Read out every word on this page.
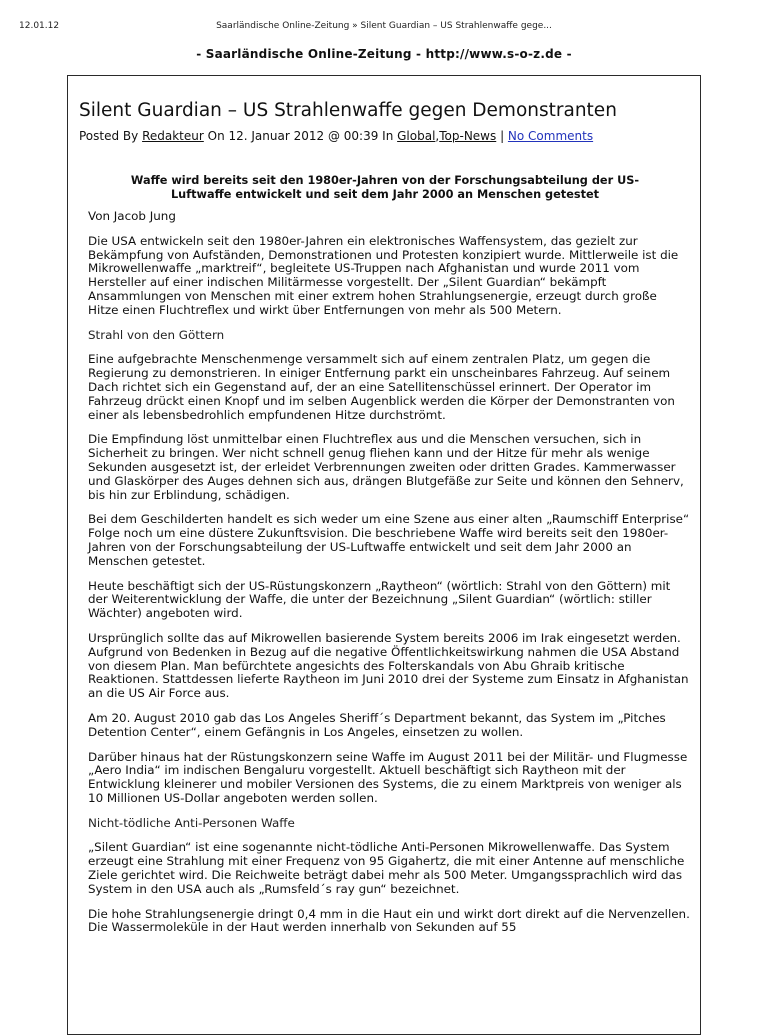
12.01.12	Saarländische Online-Zeitung » Silent Guardian – US Strahlenwaffe gege...
- Saarländische Online-Zeitung - http://www.s-o-z.de -
Silent Guardian – US Strahlenwaffe gegen Demonstranten
Posted By Redakteur On 12. Januar 2012 @ 00:39 In Global,Top-News | No Comments
Waffe wird bereits seit den 1980er-Jahren von der Forschungsabteilung der US-Luftwaffe entwickelt und seit dem Jahr 2000 an Menschen getestet

Von Jacob Jung

Die USA entwickeln seit den 1980er-Jahren ein elektronisches Waffensystem, das gezielt zur Bekämpfung von Aufständen, Demonstrationen und Protesten konzipiert wurde. Mittlerweile ist die Mikrowellenwaffe „marktreif“, begleitete US-Truppen nach Afghanistan und wurde 2011 vom Hersteller auf einer indischen Militärmesse vorgestellt. Der „Silent Guardian“ bekämpft Ansammlungen von Menschen mit einer extrem hohen Strahlungsenergie, erzeugt durch große Hitze einen Fluchtreflex und wirkt über Entfernungen von mehr als 500 Metern.

Strahl von den Göttern

Eine aufgebrachte Menschenmenge versammelt sich auf einem zentralen Platz, um gegen die Regierung zu demonstrieren. In einiger Entfernung parkt ein unscheinbares Fahrzeug. Auf seinem Dach richtet sich ein Gegenstand auf, der an eine Satellitenschüssel erinnert. Der Operator im Fahrzeug drückt einen Knopf und im selben Augenblick werden die Körper der Demonstranten von einer als lebensbedrohlich empfundenen Hitze durchströmt.

Die Empfindung löst unmittelbar einen Fluchtreflex aus und die Menschen versuchen, sich in Sicherheit zu bringen. Wer nicht schnell genug fliehen kann und der Hitze für mehr als wenige Sekunden ausgesetzt ist, der erleidet Verbrennungen zweiten oder dritten Grades. Kammerwasser und Glaskörper des Auges dehnen sich aus, drängen Blutgefäße zur Seite und können den Sehnerv, bis hin zur Erblindung, schädigen.

Bei dem Geschilderten handelt es sich weder um eine Szene aus einer alten „Raumschiff Enterprise“ Folge noch um eine düstere Zukunftsvision. Die beschriebene Waffe wird bereits seit den 1980er-Jahren von der Forschungsabteilung der US-Luftwaffe entwickelt und seit dem Jahr 2000 an Menschen getestet.

Heute beschäftigt sich der US-Rüstungskonzern „Raytheon“ (wörtlich: Strahl von den Göttern) mit der Weiterentwicklung der Waffe, die unter der Bezeichnung „Silent Guardian“ (wörtlich: stiller Wächter) angeboten wird.

Ursprünglich sollte das auf Mikrowellen basierende System bereits 2006 im Irak eingesetzt werden. Aufgrund von Bedenken in Bezug auf die negative Öffentlichkeitswirkung nahmen die USA Abstand von diesem Plan. Man befürchtete angesichts des Folterskandals von Abu Ghraib kritische Reaktionen. Stattdessen lieferte Raytheon im Juni 2010 drei der Systeme zum Einsatz in Afghanistan an die US Air Force aus.

Am 20. August 2010 gab das Los Angeles Sheriff´s Department bekannt, das System im „Pitches Detention Center“, einem Gefängnis in Los Angeles, einsetzen zu wollen.

Darüber hinaus hat der Rüstungskonzern seine Waffe im August 2011 bei der Militär- und Flugmesse „Aero India“ im indischen Bengaluru vorgestellt. Aktuell beschäftigt sich Raytheon mit der Entwicklung kleinerer und mobiler Versionen des Systems, die zu einem Marktpreis von weniger als 10 Millionen US-Dollar angeboten werden sollen.

Nicht-tödliche Anti-Personen Waffe

„Silent Guardian“ ist eine sogenannte nicht-tödliche Anti-Personen Mikrowellenwaffe. Das System erzeugt eine Strahlung mit einer Frequenz von 95 Gigahertz, die mit einer Antenne auf menschliche Ziele gerichtet wird. Die Reichweite beträgt dabei mehr als 500 Meter. Umgangssprachlich wird das System in den USA auch als „Rumsfeld´s ray gun“ bezeichnet.

Die hohe Strahlungsenergie dringt 0,4 mm in die Haut ein und wirkt dort direkt auf die Nervenzellen. Die Wassermoleküle in der Haut werden innerhalb von Sekunden auf 55
